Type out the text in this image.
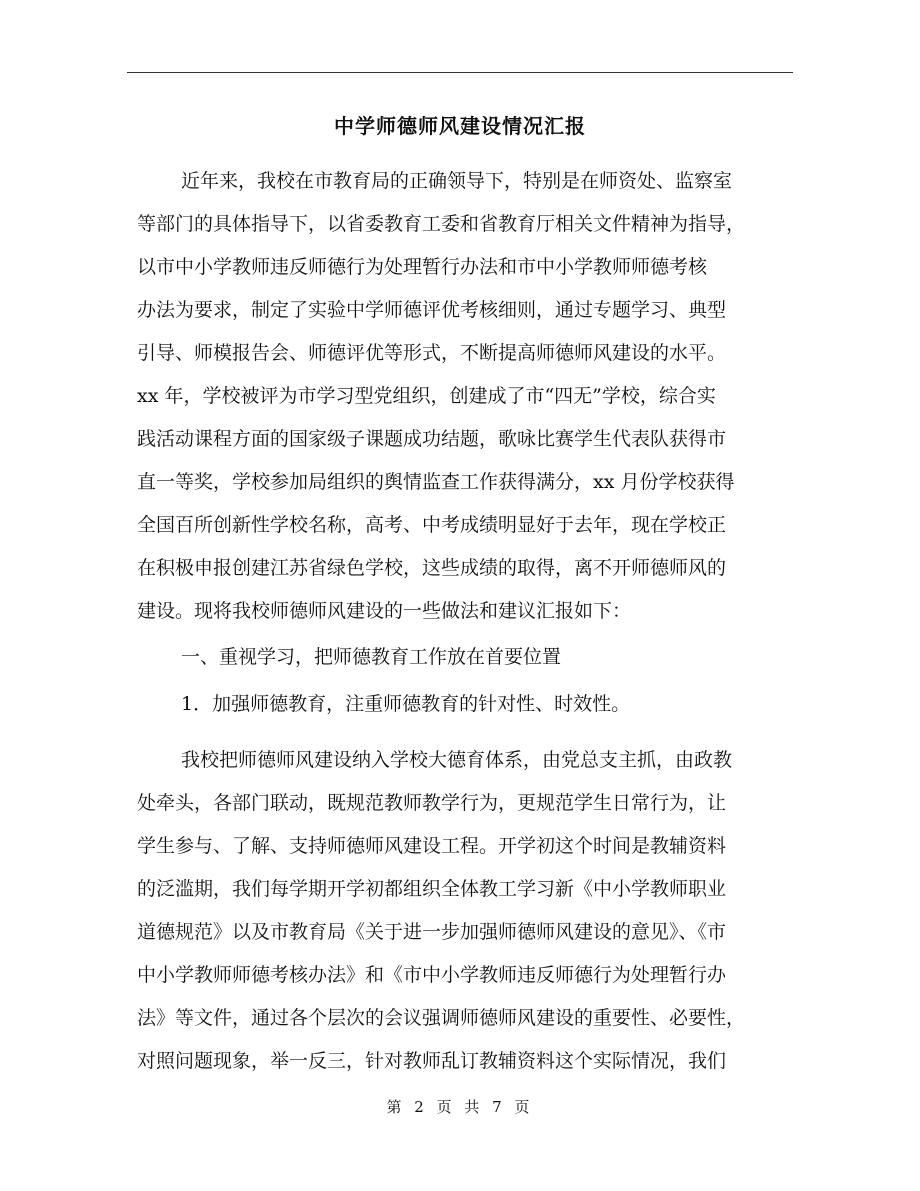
中学师德师风建设情况汇报
近年来，我校在市教育局的正确领导下，特别是在师资处、监察室
等部门的具体指导下，以省委教育工委和省教育厅相关文件精神为指导，
以市中小学教师违反师德行为处理暂行办法和市中小学教师师德考核
办法为要求，制定了实验中学师德评优考核细则，通过专题学习、典型
引导、师模报告会、师德评优等形式，不断提高师德师风建设的水平。
xx 年，学校被评为市学习型党组织，创建成了市“四无”学校，综合实
践活动课程方面的国家级子课题成功结题，歌咏比赛学生代表队获得市
直一等奖，学校参加局组织的舆情监查工作获得满分，xx 月份学校获得
全国百所创新性学校名称，高考、中考成绩明显好于去年，现在学校正
在积极申报创建江苏省绿色学校，这些成绩的取得，离不开师德师风的
建设。现将我校师德师风建设的一些做法和建议汇报如下：
一、重视学习，把师德教育工作放在首要位置
1．加强师德教育，注重师德教育的针对性、时效性。
我校把师德师风建设纳入学校大德育体系，由党总支主抓，由政教
处牵头，各部门联动，既规范教师教学行为，更规范学生日常行为，让
学生参与、了解、支持师德师风建设工程。开学初这个时间是教辅资料
的泛滥期，我们每学期开学初都组织全体教工学习新《中小学教师职业
道德规范》以及市教育局《关于进一步加强师德师风建设的意见》、《市
中小学教师师德考核办法》和《市中小学教师违反师德行为处理暂行办
法》等文件，通过各个层次的会议强调师德师风建设的重要性、必要性，
对照问题现象，举一反三，针对教师乱订教辅资料这个实际情况，我们
第 2 页 共 7 页
